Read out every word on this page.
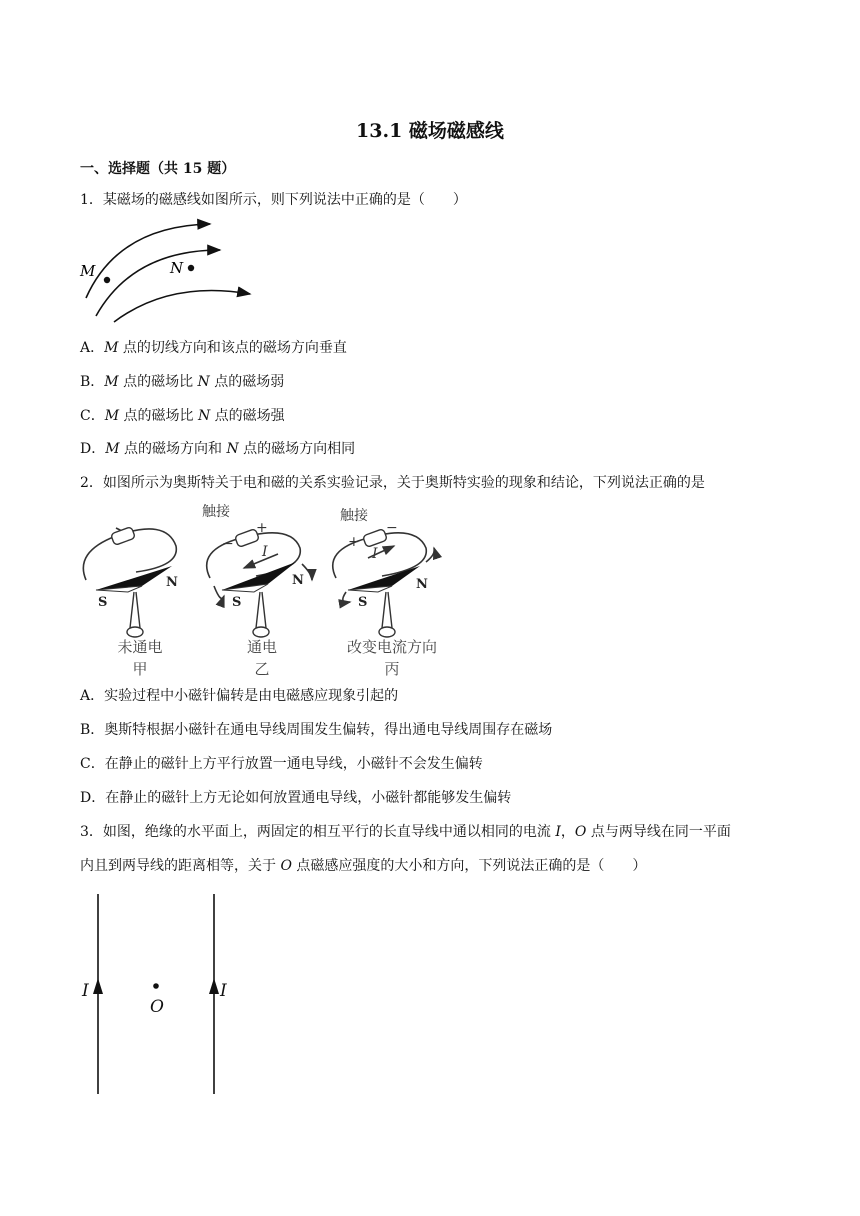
13.1 磁场磁感线
一、选择题（共 15 题）
1．某磁场的磁感线如图所示，则下列说法中正确的是（　　）
M	N
A．M 点的切线方向和该点的磁场方向垂直
B．M 点的磁场比 N 点的磁场弱
C．M 点的磁场比 N 点的磁场强
D．M 点的磁场方向和 N 点的磁场方向相同
2．如图所示为奥斯特关于电和磁的关系实验记录，关于奥斯特实验的现象和结论，下列说法正确的是
S
N
S
N
S
N
触接	触接
−
+
+
−
I	I
未通电
甲
通电
乙
改变电流方向
丙
A．实验过程中小磁针偏转是由电磁感应现象引起的
B．奥斯特根据小磁针在通电导线周围发生偏转，得出通电导线周围存在磁场
C．在静止的磁针上方平行放置一通电导线，小磁针不会发生偏转
D．在静止的磁针上方无论如何放置通电导线，小磁针都能够发生偏转
3．如图，绝缘的水平面上，两固定的相互平行的长直导线中通以相同的电流 I，O 点与两导线在同一平面
内且到两导线的距离相等，关于 O 点磁感应强度的大小和方向，下列说法正确的是（　　）
I	I
O
